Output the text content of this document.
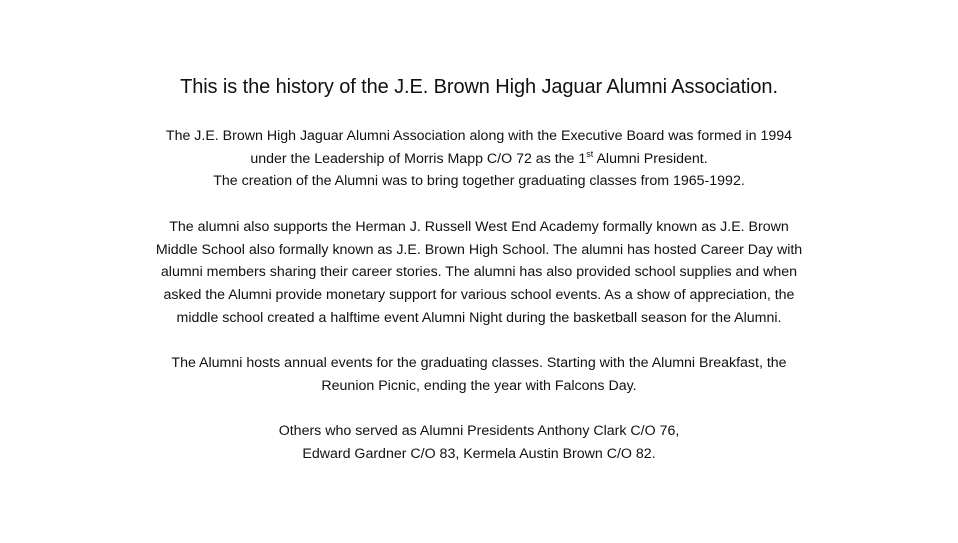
This is the history of the J.E. Brown High Jaguar Alumni Association.
The J.E. Brown High Jaguar Alumni Association along with the Executive Board was formed in 1994
under the Leadership of Morris Mapp C/O 72 as the 1st Alumni President.
The creation of the Alumni was to bring together graduating classes from 1965-1992.
The alumni also supports the Herman J. Russell West End Academy formally known as J.E. Brown
Middle School also formally known as J.E. Brown High School. The alumni has hosted Career Day with
alumni members sharing their career stories. The alumni has also provided school supplies and when
asked the Alumni provide monetary support for various school events. As a show of appreciation, the
middle school created a halftime event Alumni Night during the basketball season for the Alumni.
The Alumni hosts annual events for the graduating classes. Starting with the Alumni Breakfast, the
Reunion Picnic, ending the year with Falcons Day.
Others who served as Alumni Presidents Anthony Clark C/O 76,
Edward Gardner C/O 83, Kermela Austin Brown C/O 82.
